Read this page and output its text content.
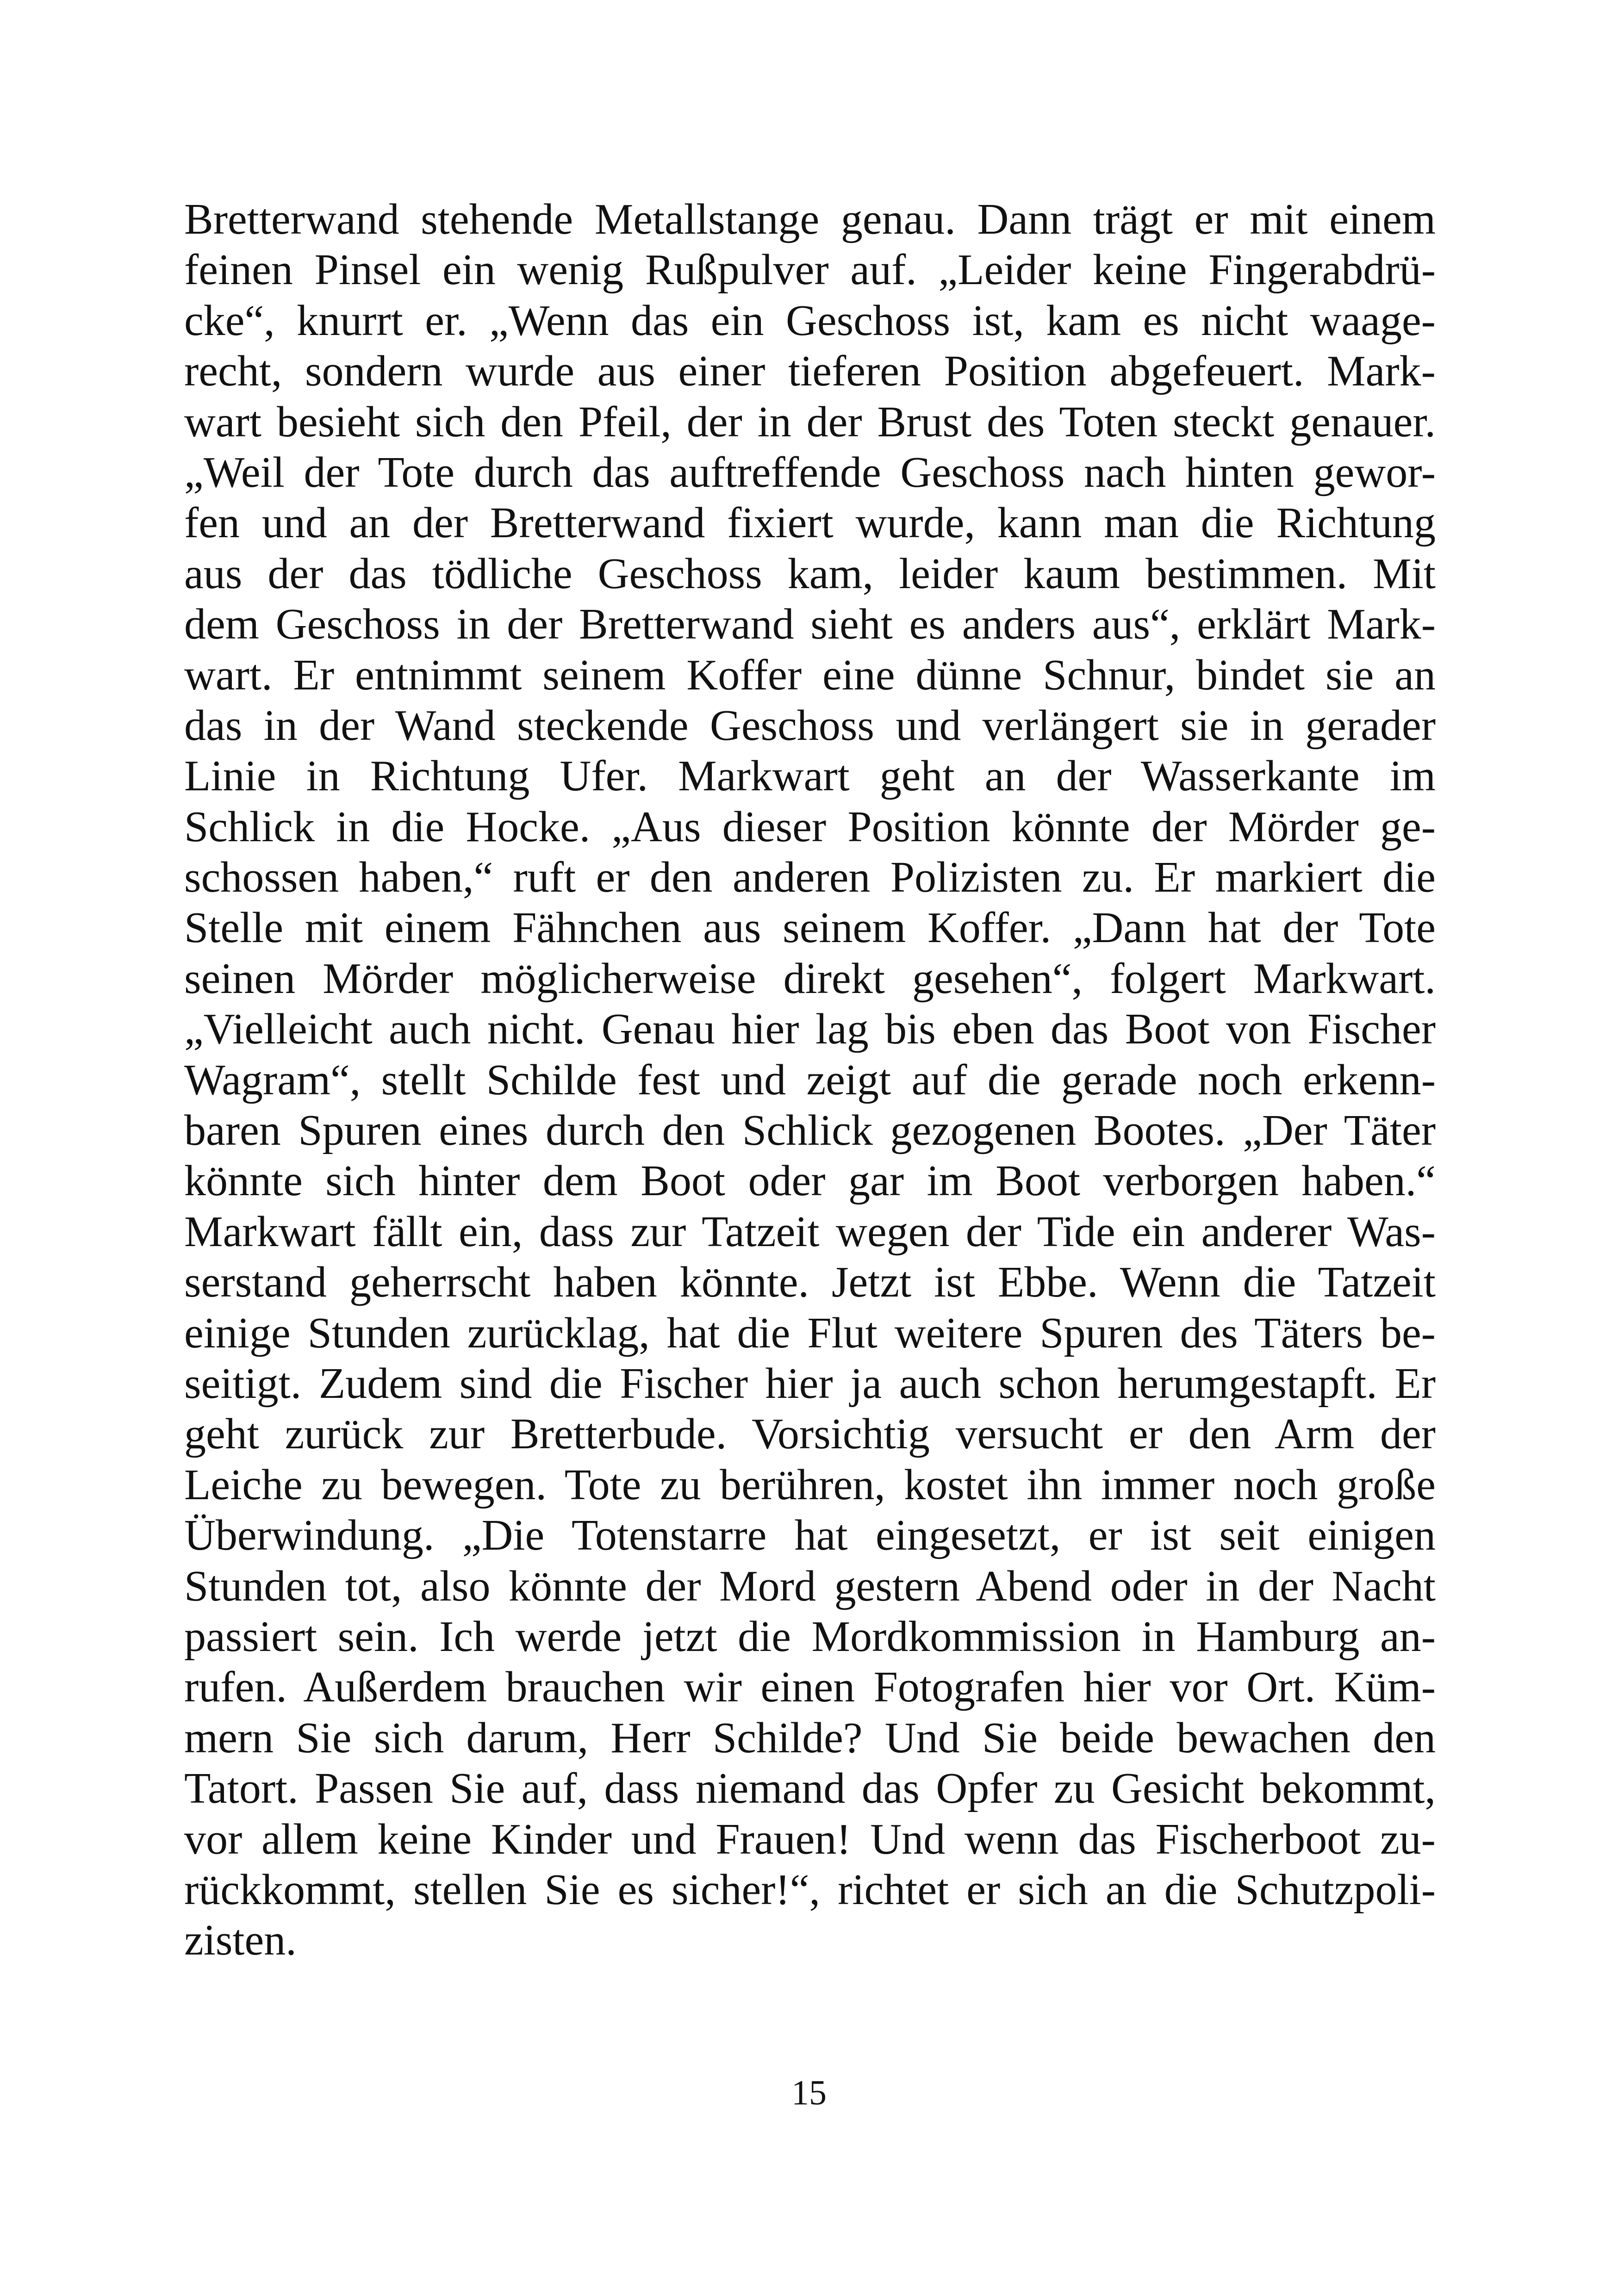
Bretterwand stehende Metallstange genau. Dann trägt er mit einem
feinen Pinsel ein wenig Rußpulver auf. „Leider keine Fingerabdrü-
cke“, knurrt er. „Wenn das ein Geschoss ist, kam es nicht waage-
recht, sondern wurde aus einer tieferen Position abgefeuert. Mark-
wart besieht sich den Pfeil, der in der Brust des Toten steckt genauer.
„Weil der Tote durch das auftreffende Geschoss nach hinten gewor-
fen und an der Bretterwand fixiert wurde, kann man die Richtung
aus der das tödliche Geschoss kam, leider kaum bestimmen. Mit
dem Geschoss in der Bretterwand sieht es anders aus“, erklärt Mark-
wart. Er entnimmt seinem Koffer eine dünne Schnur, bindet sie an
das in der Wand steckende Geschoss und verlängert sie in gerader
Linie in Richtung Ufer. Markwart geht an der Wasserkante im
Schlick in die Hocke. „Aus dieser Position könnte der Mörder ge-
schossen haben,“ ruft er den anderen Polizisten zu. Er markiert die
Stelle mit einem Fähnchen aus seinem Koffer. „Dann hat der Tote
seinen Mörder möglicherweise direkt gesehen“, folgert Markwart.
„Vielleicht auch nicht. Genau hier lag bis eben das Boot von Fischer
Wagram“, stellt Schilde fest und zeigt auf die gerade noch erkenn-
baren Spuren eines durch den Schlick gezogenen Bootes. „Der Täter
könnte sich hinter dem Boot oder gar im Boot verborgen haben.“
Markwart fällt ein, dass zur Tatzeit wegen der Tide ein anderer Was-
serstand geherrscht haben könnte. Jetzt ist Ebbe. Wenn die Tatzeit
einige Stunden zurücklag, hat die Flut weitere Spuren des Täters be-
seitigt. Zudem sind die Fischer hier ja auch schon herumgestapft. Er
geht zurück zur Bretterbude. Vorsichtig versucht er den Arm der
Leiche zu bewegen. Tote zu berühren, kostet ihn immer noch große
Überwindung. „Die Totenstarre hat eingesetzt, er ist seit einigen
Stunden tot, also könnte der Mord gestern Abend oder in der Nacht
passiert sein. Ich werde jetzt die Mordkommission in Hamburg an-
rufen. Außerdem brauchen wir einen Fotografen hier vor Ort. Küm-
mern Sie sich darum, Herr Schilde? Und Sie beide bewachen den
Tatort. Passen Sie auf, dass niemand das Opfer zu Gesicht bekommt,
vor allem keine Kinder und Frauen! Und wenn das Fischerboot zu-
rückkommt, stellen Sie es sicher!“, richtet er sich an die Schutzpoli-
zisten.
15
